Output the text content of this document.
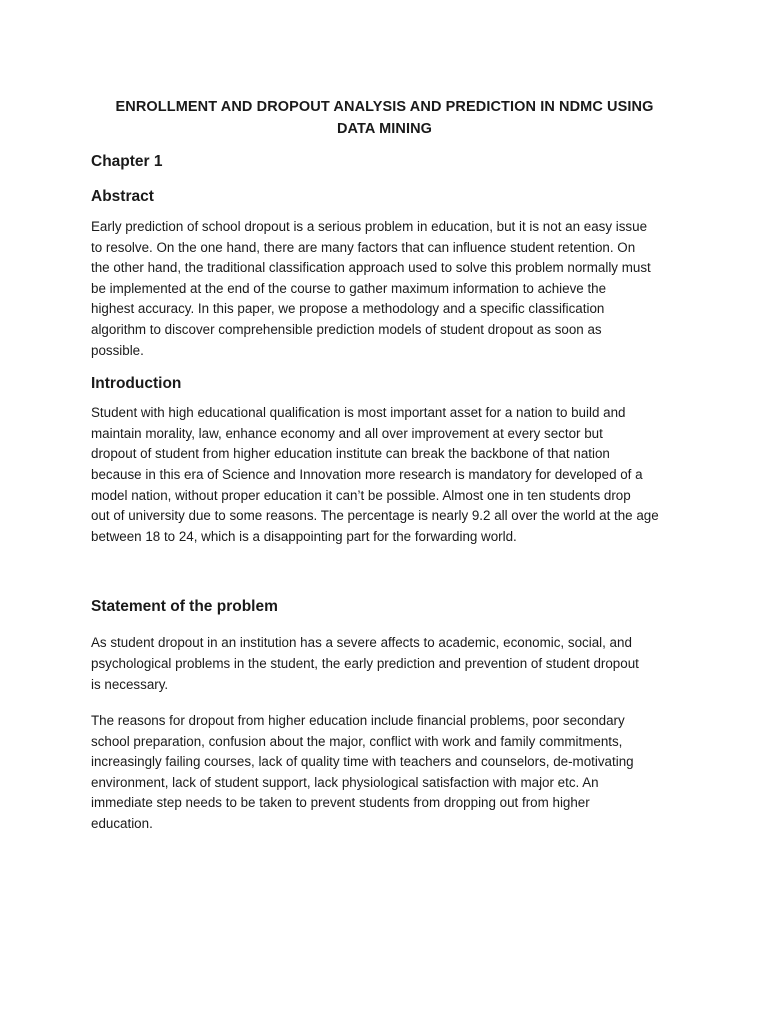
ENROLLMENT AND DROPOUT ANALYSIS AND PREDICTION IN NDMC USING
DATA MINING
Chapter 1
Abstract

Early prediction of school dropout is a serious problem in education, but it is not an easy issue
to resolve. On the one hand, there are many factors that can influence student retention. On
the other hand, the traditional classification approach used to solve this problem normally must
be implemented at the end of the course to gather maximum information to achieve the
highest accuracy. In this paper, we propose a methodology and a specific classification
algorithm to discover comprehensible prediction models of student dropout as soon as
possible.

Introduction

Student with high educational qualification is most important asset for a nation to build and
maintain morality, law, enhance economy and all over improvement at every sector but
dropout of student from higher education institute can break the backbone of that nation
because in this era of Science and Innovation more research is mandatory for developed of a
model nation, without proper education it can’t be possible. Almost one in ten students drop
out of university due to some reasons. The percentage is nearly 9.2 all over the world at the age
between 18 to 24, which is a disappointing part for the forwarding world.

Statement of the problem

As student dropout in an institution has a severe affects to academic, economic, social, and
psychological problems in the student, the early prediction and prevention of student dropout
is necessary.

The reasons for dropout from higher education include financial problems, poor secondary
school preparation, confusion about the major, conflict with work and family commitments,
increasingly failing courses, lack of quality time with teachers and counselors, de-motivating
environment, lack of student support, lack physiological satisfaction with major etc. An
immediate step needs to be taken to prevent students from dropping out from higher
education.
